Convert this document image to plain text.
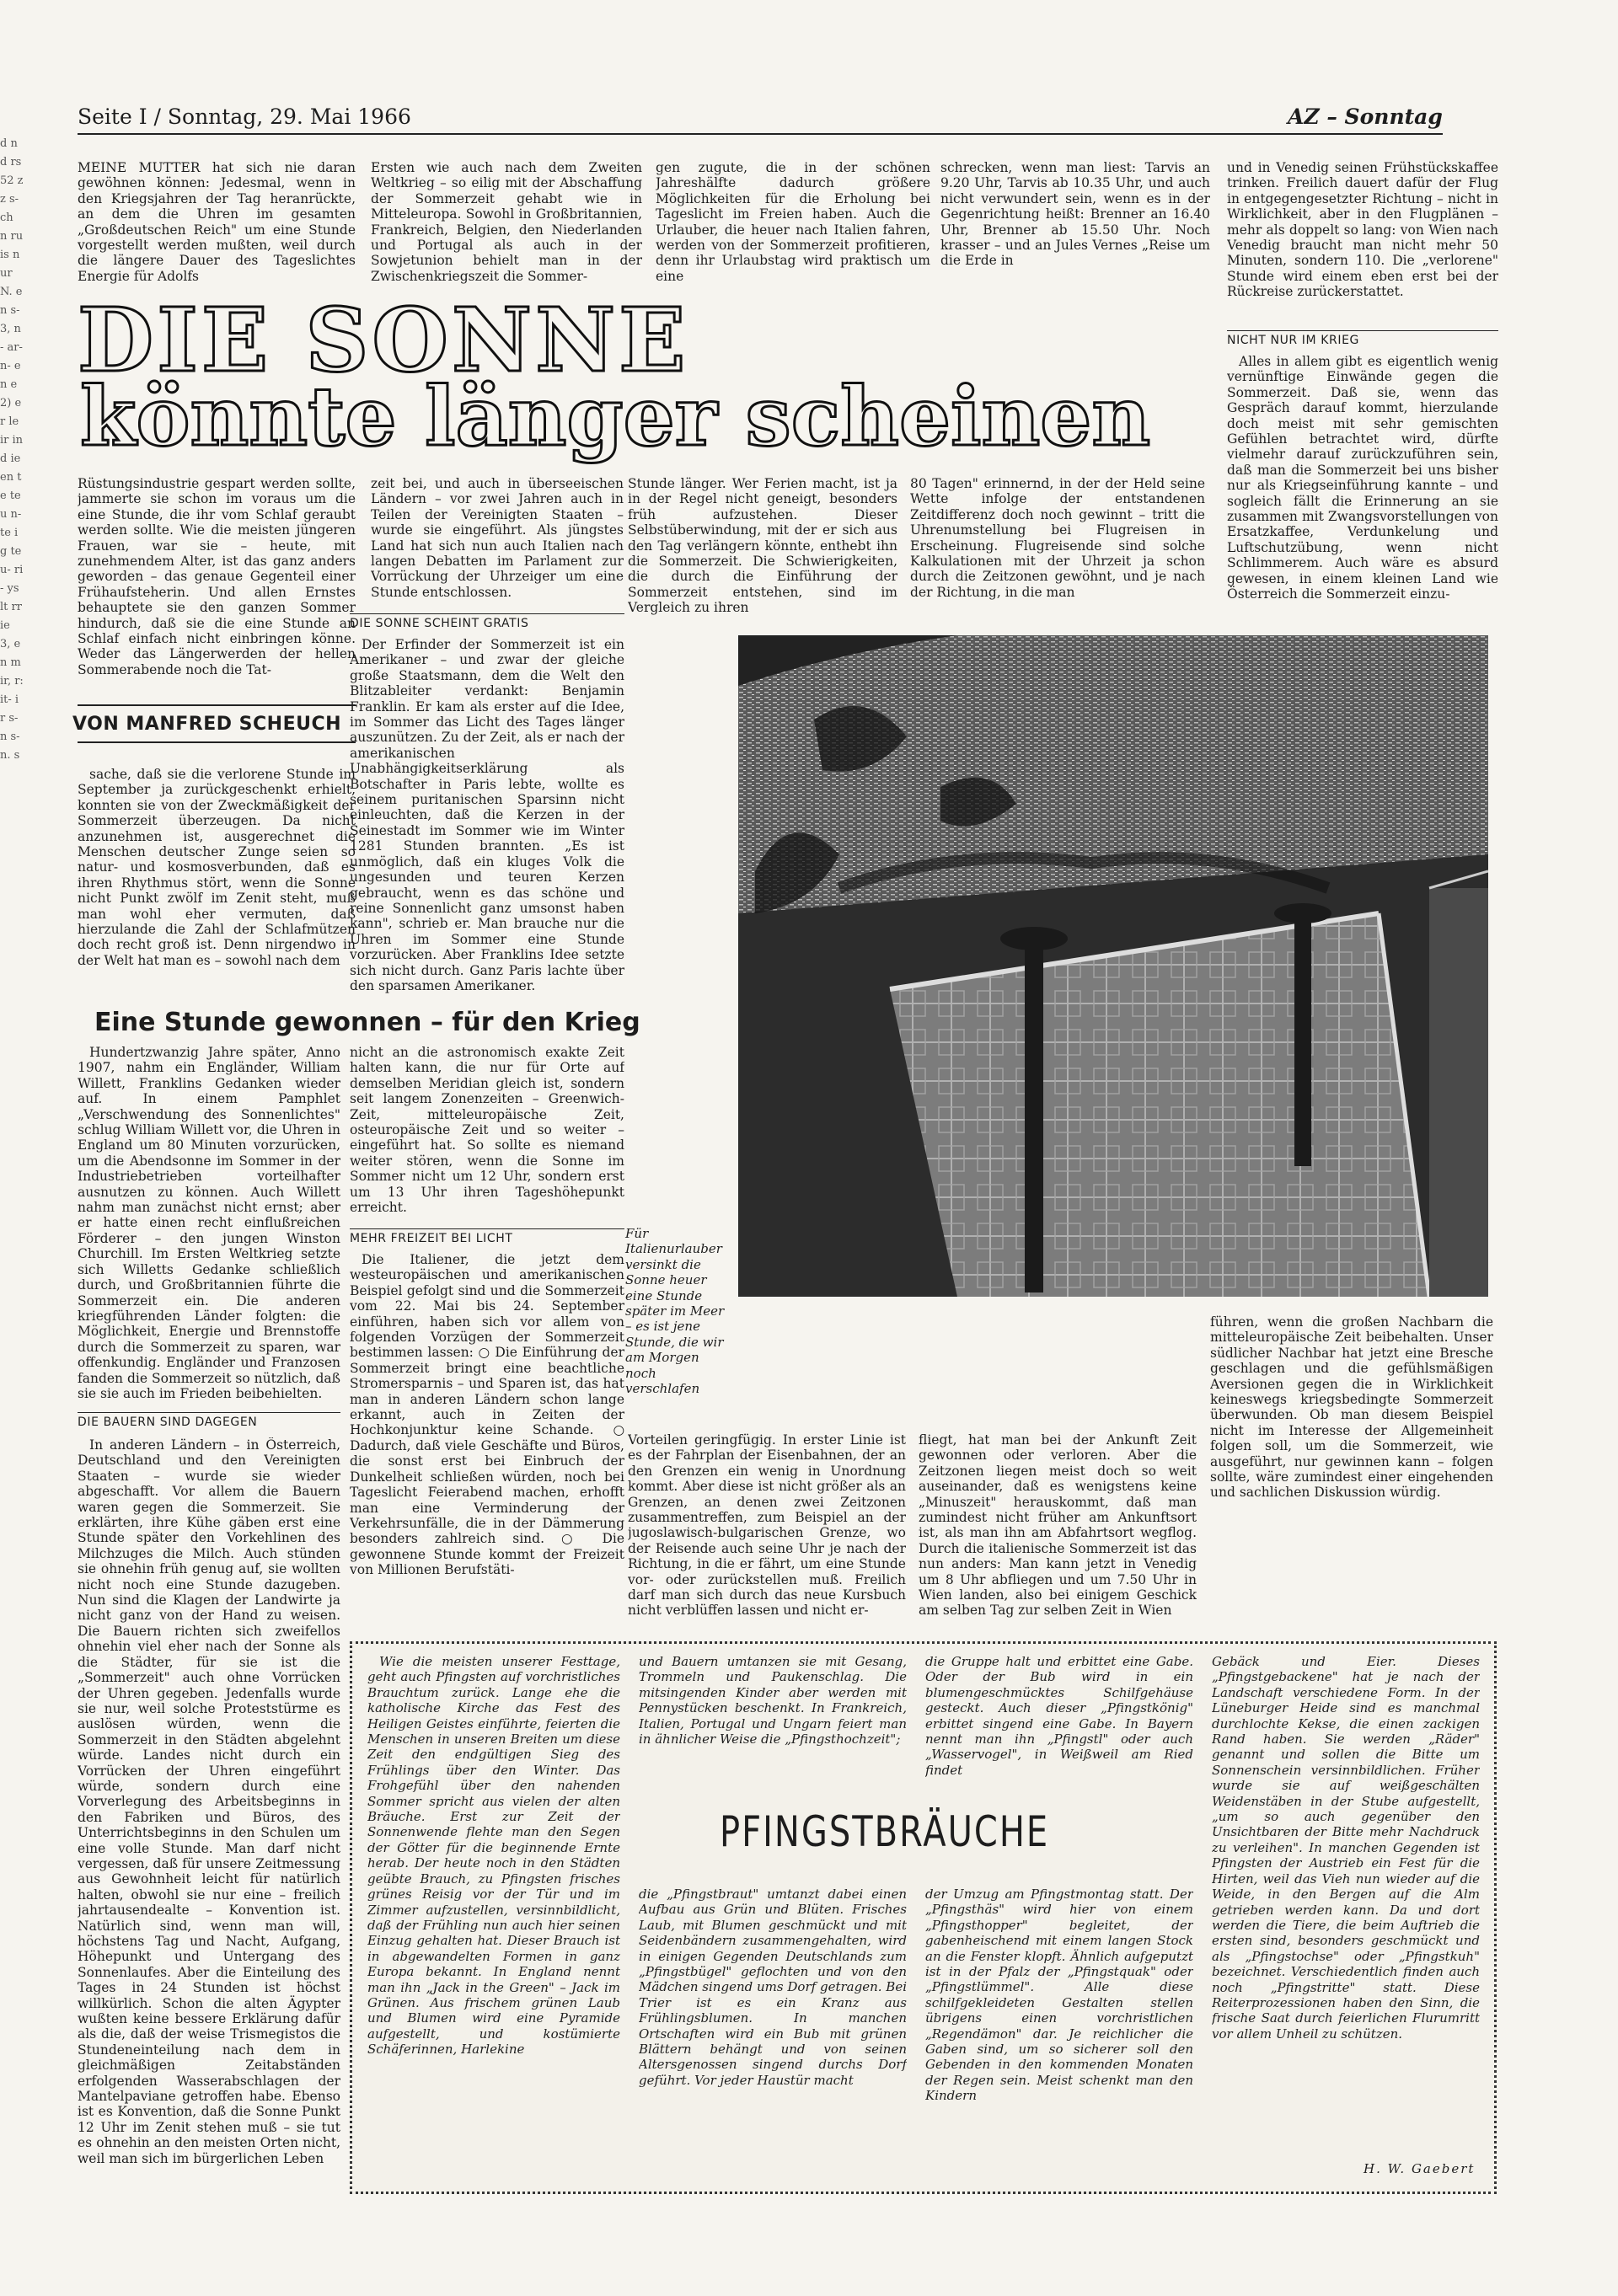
d n d rs 52 zz s- ch n ru is n ur N. en s- 3, n- ar- n- en e 2) er le ir in d ie en te te u n- te ig te u- ri- ys lt rr ie 3, e n m ir, r: it- ir s- n s- n. s
Seite I / Sonntag, 29. Mai 1966	AZ – Sonntag

MEINE MUTTER hat sich nie daran gewöhnen können: Jedesmal, wenn in den Kriegsjahren der Tag heranrückte, an dem die Uhren im gesamten „Großdeutschen Reich" um eine Stunde vorgestellt werden mußten, weil durch die längere Dauer des Tageslichtes Energie für Adolfs

Ersten wie auch nach dem Zweiten Weltkrieg – so eilig mit der Abschaffung der Sommerzeit gehabt wie in Mitteleuropa. Sowohl in Großbritannien, Frankreich, Belgien, den Niederlanden und Portugal als auch in der Sowjetunion behielt man in der Zwischenkriegszeit die Sommer-

gen zugute, die in der schönen Jahreshälfte dadurch größere Möglichkeiten für die Erholung bei Tageslicht im Freien haben. Auch die Urlauber, die heuer nach Italien fahren, werden von der Sommerzeit profitieren, denn ihr Urlaubstag wird praktisch um eine

schrecken, wenn man liest: Tarvis an 9.20 Uhr, Tarvis ab 10.35 Uhr, und auch nicht verwundert sein, wenn es in der Gegenrichtung heißt: Brenner an 16.40 Uhr, Brenner ab 15.50 Uhr. Noch krasser – und an Jules Vernes „Reise um die Erde in

und in Venedig seinen Frühstückskaffee trinken. Freilich dauert dafür der Flug in entgegengesetzter Richtung – nicht in Wirklichkeit, aber in den Flugplänen – mehr als doppelt so lang: von Wien nach Venedig braucht man nicht mehr 50 Minuten, sondern 110. Die „verlorene" Stunde wird einem eben erst bei der Rückreise zurückerstattet.

DIE SONNE
könnte länger scheinen
NICHT NUR IM KRIEG

Alles in allem gibt es eigentlich wenig vernünftige Einwände gegen die Sommerzeit. Daß sie, wenn das Gespräch darauf kommt, hierzulande doch meist mit sehr gemischten Gefühlen betrachtet wird, dürfte vielmehr darauf zurückzuführen sein, daß man die Sommerzeit bei uns bisher nur als Kriegseinführung kannte – und sogleich fällt die Erinnerung an sie zusammen mit Zwangsvorstellungen von Ersatzkaffee, Verdunkelung und Luftschutzübung, wenn nicht Schlimmerem. Auch wäre es absurd gewesen, in einem kleinen Land wie Österreich die Sommerzeit einzu-

Rüstungsindustrie gespart werden sollte, jammerte sie schon im voraus um die eine Stunde, die ihr vom Schlaf geraubt werden sollte. Wie die meisten jüngeren Frauen, war sie – heute, mit zunehmendem Alter, ist das ganz anders geworden – das genaue Gegenteil einer Frühaufsteherin. Und allen Ernstes behauptete sie den ganzen Sommer hindurch, daß sie die eine Stunde an Schlaf einfach nicht einbringen könne. Weder das Längerwerden der hellen Sommerabende noch die Tat-

VON MANFRED SCHEUCH

sache, daß sie die verlorene Stunde im September ja zurückgeschenkt erhielt, konnten sie von der Zweckmäßigkeit der Sommerzeit überzeugen. Da nicht anzunehmen ist, ausgerechnet die Menschen deutscher Zunge seien so natur- und kosmosverbunden, daß es ihren Rhythmus stört, wenn die Sonne nicht Punkt zwölf im Zenit steht, muß man wohl eher vermuten, daß hierzulande die Zahl der Schlafmützen doch recht groß ist. Denn nirgendwo in der Welt hat man es – sowohl nach dem

zeit bei, und auch in überseeischen Ländern – vor zwei Jahren auch in Teilen der Vereinigten Staaten – wurde sie eingeführt. Als jüngstes Land hat sich nun auch Italien nach langen Debatten im Parlament zur Vorrückung der Uhrzeiger um eine Stunde entschlossen.

DIE SONNE SCHEINT GRATIS

Der Erfinder der Sommerzeit ist ein Amerikaner – und zwar der gleiche große Staatsmann, dem die Welt den Blitzableiter verdankt: Benjamin Franklin. Er kam als erster auf die Idee, im Sommer das Licht des Tages länger auszunützen. Zu der Zeit, als er nach der amerikanischen Unabhängigkeitserklärung als Botschafter in Paris lebte, wollte es seinem puritanischen Sparsinn nicht einleuchten, daß die Kerzen in der Seinestadt im Sommer wie im Winter 1281 Stunden brannten. „Es ist unmöglich, daß ein kluges Volk die ungesunden und teuren Kerzen gebraucht, wenn es das schöne und reine Sonnenlicht ganz umsonst haben kann", schrieb er. Man brauche nur die Uhren im Sommer eine Stunde vorzurücken. Aber Franklins Idee setzte sich nicht durch. Ganz Paris lachte über den sparsamen Amerikaner.

Stunde länger. Wer Ferien macht, ist ja in der Regel nicht geneigt, besonders früh aufzustehen. Dieser Selbstüberwindung, mit der er sich aus den Tag verlängern könnte, enthebt ihn die Sommerzeit. Die Schwierigkeiten, die durch die Einführung der Sommerzeit entstehen, sind im Vergleich zu ihren

80 Tagen" erinnernd, in der der Held seine Wette infolge der entstandenen Zeitdifferenz doch noch gewinnt – tritt die Uhrenumstellung bei Flugreisen in Erscheinung. Flugreisende sind solche Kalkulationen mit der Uhrzeit ja schon durch die Zeitzonen gewöhnt, und je nach der Richtung, in die man

Eine Stunde gewonnen – für den Krieg
Für Italienurlauber versinkt die Sonne heuer eine Stunde später im Meer – es ist jene Stunde, die wir am Morgen noch verschlafen

Hundertzwanzig Jahre später, Anno 1907, nahm ein Engländer, William Willett, Franklins Gedanken wieder auf. In einem Pamphlet „Verschwendung des Sonnenlichtes" schlug William Willett vor, die Uhren in England um 80 Minuten vorzurücken, um die Abendsonne im Sommer in der Industriebetrieben vorteilhafter ausnutzen zu können. Auch Willett nahm man zunächst nicht ernst; aber er hatte einen recht einflußreichen Förderer – den jungen Winston Churchill. Im Ersten Weltkrieg setzte sich Willetts Gedanke schließlich durch, und Großbritannien führte die Sommerzeit ein. Die anderen kriegführenden Länder folgten: die Möglichkeit, Energie und Brennstoffe durch die Sommerzeit zu sparen, war offenkundig. Engländer und Franzosen fanden die Sommerzeit so nützlich, daß sie sie auch im Frieden beibehielten.

DIE BAUERN SIND DAGEGEN

In anderen Ländern – in Österreich, Deutschland und den Vereinigten Staaten – wurde sie wieder abgeschafft. Vor allem die Bauern waren gegen die Sommerzeit. Sie erklärten, ihre Kühe gäben erst eine Stunde später den Vorkehlinen des Milchzuges die Milch. Auch stünden sie ohnehin früh genug auf, sie wollten nicht noch eine Stunde dazugeben. Nun sind die Klagen der Landwirte ja nicht ganz von der Hand zu weisen. Die Bauern richten sich zweifellos ohnehin viel eher nach der Sonne als die Städter, für sie ist die „Sommerzeit" auch ohne Vorrücken der Uhren gegeben. Jedenfalls wurde sie nur, weil solche Proteststürme es auslösen würden, wenn die Sommerzeit in den Städten abgelehnt würde. Landes nicht durch ein Vorrücken der Uhren eingeführt würde, sondern durch eine Vorverlegung des Arbeitsbeginns in den Fabriken und Büros, des Unterrichtsbeginns in den Schulen um eine volle Stunde. Man darf nicht vergessen, daß für unsere Zeitmessung aus Gewohnheit leicht für natürlich halten, obwohl sie nur eine – freilich jahrtausendealte – Konvention ist. Natürlich sind, wenn man will, höchstens Tag und Nacht, Aufgang, Höhepunkt und Untergang des Sonnenlaufes. Aber die Einteilung des Tages in 24 Stunden ist höchst willkürlich. Schon die alten Ägypter wußten keine bessere Erklärung dafür als die, daß der weise Trismegistos die Stundeneinteilung nach dem in gleichmäßigen Zeitabständen erfolgenden Wasserabschlagen der Mantelpaviane getroffen habe. Ebenso ist es Konvention, daß die Sonne Punkt 12 Uhr im Zenit stehen muß – sie tut es ohnehin an den meisten Orten nicht, weil man sich im bürgerlichen Leben

nicht an die astronomisch exakte Zeit halten kann, die nur für Orte auf demselben Meridian gleich ist, sondern seit langem Zonenzeiten – Greenwich-Zeit, mitteleuropäische Zeit, osteuropäische Zeit und so weiter – eingeführt hat. So sollte es niemand weiter stören, wenn die Sonne im Sommer nicht um 12 Uhr, sondern erst um 13 Uhr ihren Tageshöhepunkt erreicht.

MEHR FREIZEIT BEI LICHT

Die Italiener, die jetzt dem westeuropäischen und amerikanischen Beispiel gefolgt sind und die Sommerzeit vom 22. Mai bis 24. September einführen, haben sich vor allem von folgenden Vorzügen der Sommerzeit bestimmen lassen: ○ Die Einführung der Sommerzeit bringt eine beachtliche Stromersparnis – und Sparen ist, das hat man in anderen Ländern schon lange erkannt, auch in Zeiten der Hochkonjunktur keine Schande. ○ Dadurch, daß viele Geschäfte und Büros, die sonst erst bei Einbruch der Dunkelheit schließen würden, noch bei Tageslicht Feierabend machen, erhofft man eine Verminderung der Verkehrsunfälle, die in der Dämmerung besonders zahlreich sind. ○ Die gewonnene Stunde kommt der Freizeit von Millionen Berufstäti-

Vorteilen geringfügig. In erster Linie ist es der Fahrplan der Eisenbahnen, der an den Grenzen ein wenig in Unordnung kommt. Aber diese ist nicht größer als an Grenzen, an denen zwei Zeitzonen zusammentreffen, zum Beispiel an der jugoslawisch-bulgarischen Grenze, wo der Reisende auch seine Uhr je nach der Richtung, in die er fährt, um eine Stunde vor- oder zurückstellen muß. Freilich darf man sich durch das neue Kursbuch nicht verblüffen lassen und nicht er-

fliegt, hat man bei der Ankunft Zeit gewonnen oder verloren. Aber die Zeitzonen liegen meist doch so weit auseinander, daß es wenigstens keine „Minuszeit" herauskommt, daß man zumindest nicht früher am Ankunftsort ist, als man ihn am Abfahrtsort wegflog. Durch die italienische Sommerzeit ist das nun anders: Man kann jetzt in Venedig um 8 Uhr abfliegen und um 7.50 Uhr in Wien landen, also bei einigem Geschick am selben Tag zur selben Zeit in Wien

führen, wenn die großen Nachbarn die mitteleuropäische Zeit beibehalten. Unser südlicher Nachbar hat jetzt eine Bresche geschlagen und die gefühlsmäßigen Aversionen gegen die in Wirklichkeit keineswegs kriegsbedingte Sommerzeit überwunden. Ob man diesem Beispiel nicht im Interesse der Allgemeinheit folgen soll, um die Sommerzeit, wie ausgeführt, nur gewinnen kann – folgen sollte, wäre zumindest einer eingehenden und sachlichen Diskussion würdig.

Wie die meisten unserer Festtage, geht auch Pfingsten auf vorchristliches Brauchtum zurück. Lange ehe die katholische Kirche das Fest des Heiligen Geistes einführte, feierten die Menschen in unseren Breiten um diese Zeit den endgültigen Sieg des Frühlings über den Winter. Das Frohgefühl über den nahenden Sommer spricht aus vielen der alten Bräuche. Erst zur Zeit der Sonnenwende flehte man den Segen der Götter für die beginnende Ernte herab. Der heute noch in den Städten geübte Brauch, zu Pfingsten frisches grünes Reisig vor der Tür und im Zimmer aufzustellen, versinnbildlicht, daß der Frühling nun auch hier seinen Einzug gehalten hat. Dieser Brauch ist in abgewandelten Formen in ganz Europa bekannt. In England nennt man ihn „Jack in the Green" – Jack im Grünen. Aus frischem grünen Laub und Blumen wird eine Pyramide aufgestellt, und kostümierte Schäferinnen, Harlekine

und Bauern umtanzen sie mit Gesang, Trommeln und Paukenschlag. Die mitsingenden Kinder aber werden mit Pennystücken beschenkt. In Frankreich, Italien, Portugal und Ungarn feiert man in ähnlicher Weise die „Pfingsthochzeit";

die Gruppe halt und erbittet eine Gabe. Oder der Bub wird in ein blumengeschmücktes Schilfgehäuse gesteckt. Auch dieser „Pfingstkönig" erbittet singend eine Gabe. In Bayern nennt man ihn „Pfingstl" oder auch „Wasservogel", in Weißweil am Ried findet

PFINGSTBRÄUCHE

die „Pfingstbraut" umtanzt dabei einen Aufbau aus Grün und Blüten. Frisches Laub, mit Blumen geschmückt und mit Seidenbändern zusammengehalten, wird in einigen Gegenden Deutschlands zum „Pfingstbügel" geflochten und von den Mädchen singend ums Dorf getragen. Bei Trier ist es ein Kranz aus Frühlingsblumen. In manchen Ortschaften wird ein Bub mit grünen Blättern behängt und von seinen Altersgenossen singend durchs Dorf geführt. Vor jeder Haustür macht

der Umzug am Pfingstmontag statt. Der „Pfingsthäs" wird hier von einem „Pfingsthopper" begleitet, der gabenheischend mit einem langen Stock an die Fenster klopft. Ähnlich aufgeputzt ist in der Pfalz der „Pfingstquak" oder „Pfingstlümmel". Alle diese schilfgekleideten Gestalten stellen übrigens einen vorchristlichen „Regendämon" dar. Je reichlicher die Gaben sind, um so sicherer soll den Gebenden in den kommenden Monaten der Regen sein. Meist schenkt man den Kindern

Gebäck und Eier. Dieses „Pfingstgebackene" hat je nach der Landschaft verschiedene Form. In der Lüneburger Heide sind es manchmal durchlochte Kekse, die einen zackigen Rand haben. Sie werden „Räder" genannt und sollen die Bitte um Sonnenschein versinnbildlichen. Früher wurde sie auf weißgeschälten Weidenstäben in der Stube aufgestellt, „um so auch gegenüber den Unsichtbaren der Bitte mehr Nachdruck zu verleihen". In manchen Gegenden ist Pfingsten der Austrieb ein Fest für die Hirten, weil das Vieh nun wieder auf die Weide, in den Bergen auf die Alm getrieben werden kann. Da und dort werden die Tiere, die beim Auftrieb die ersten sind, besonders geschmückt und als „Pfingstochse" oder „Pfingstkuh" bezeichnet. Verschiedentlich finden auch noch „Pfingstritte" statt. Diese Reiterprozessionen haben den Sinn, die frische Saat durch feierlichen Flurumritt vor allem Unheil zu schützen.

H. W. Gaebert
